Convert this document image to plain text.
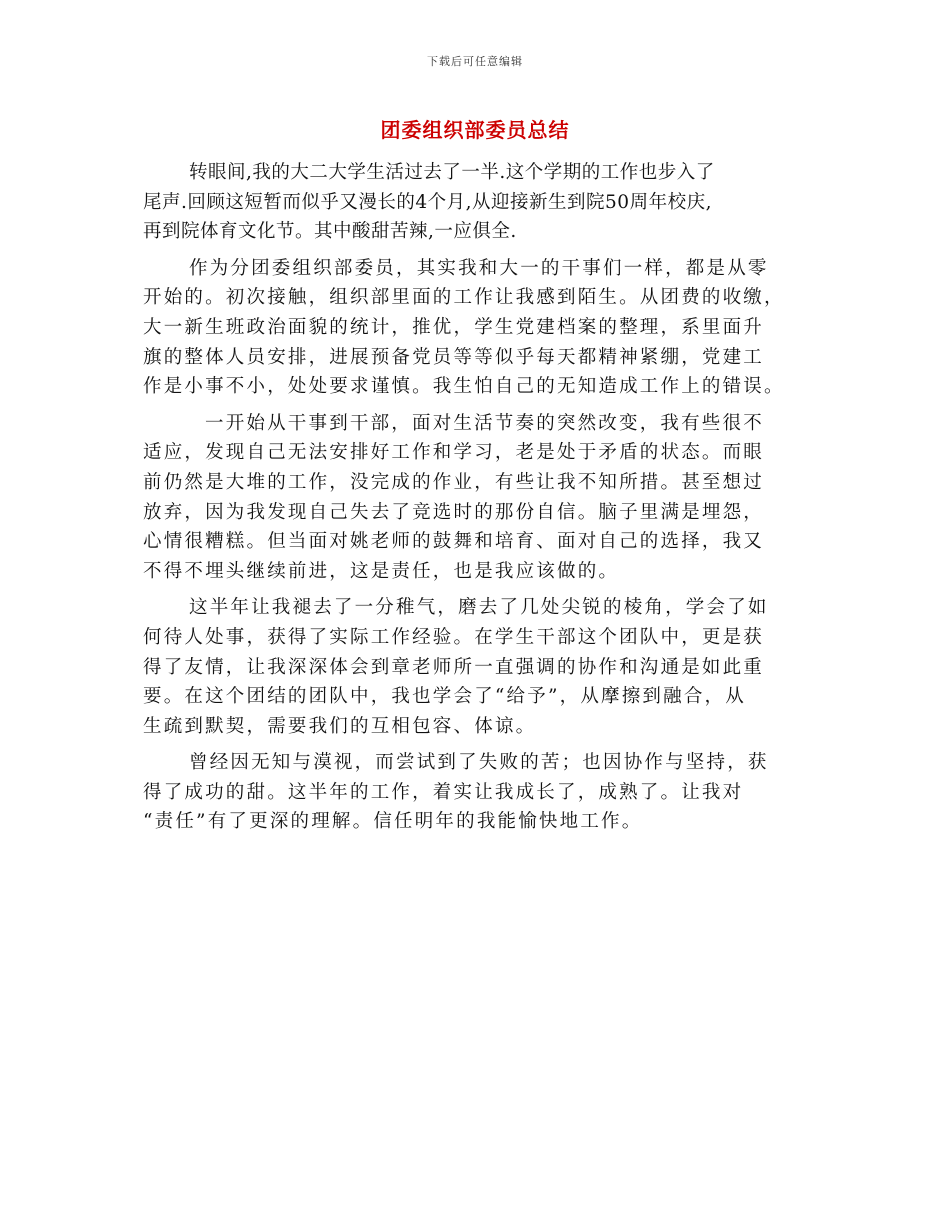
下载后可任意编辑
团委组织部委员总结
转眼间,我的大二大学生活过去了一半.这个学期的工作也步入了
尾声.回顾这短暂而似乎又漫长的4个月,从迎接新生到院50周年校庆,
再到院体育文化节。其中酸甜苦辣,一应俱全.
作为分团委组织部委员，其实我和大一的干事们一样，都是从零
开始的。初次接触，组织部里面的工作让我感到陌生。从团费的收缴，
大一新生班政治面貌的统计，推优，学生党建档案的整理，系里面升
旗的整体人员安排，进展预备党员等等似乎每天都精神紧绷，党建工
作是小事不小，处处要求谨慎。我生怕自己的无知造成工作上的错误。
一开始从干事到干部，面对生活节奏的突然改变，我有些很不
适应，发现自己无法安排好工作和学习，老是处于矛盾的状态。而眼
前仍然是大堆的工作，没完成的作业，有些让我不知所措。甚至想过
放弃，因为我发现自己失去了竞选时的那份自信。脑子里满是埋怨，
心情很糟糕。但当面对姚老师的鼓舞和培育、面对自己的选择，我又
不得不埋头继续前进，这是责任，也是我应该做的。
这半年让我褪去了一分稚气，磨去了几处尖锐的棱角，学会了如
何待人处事，获得了实际工作经验。在学生干部这个团队中，更是获
得了友情，让我深深体会到章老师所一直强调的协作和沟通是如此重
要。在这个团结的团队中，我也学会了“给予”，从摩擦到融合，从
生疏到默契，需要我们的互相包容、体谅。
曾经因无知与漠视，而尝试到了失败的苦；也因协作与坚持，获
得了成功的甜。这半年的工作，着实让我成长了，成熟了。让我对
“责任”有了更深的理解。信任明年的我能愉快地工作。
